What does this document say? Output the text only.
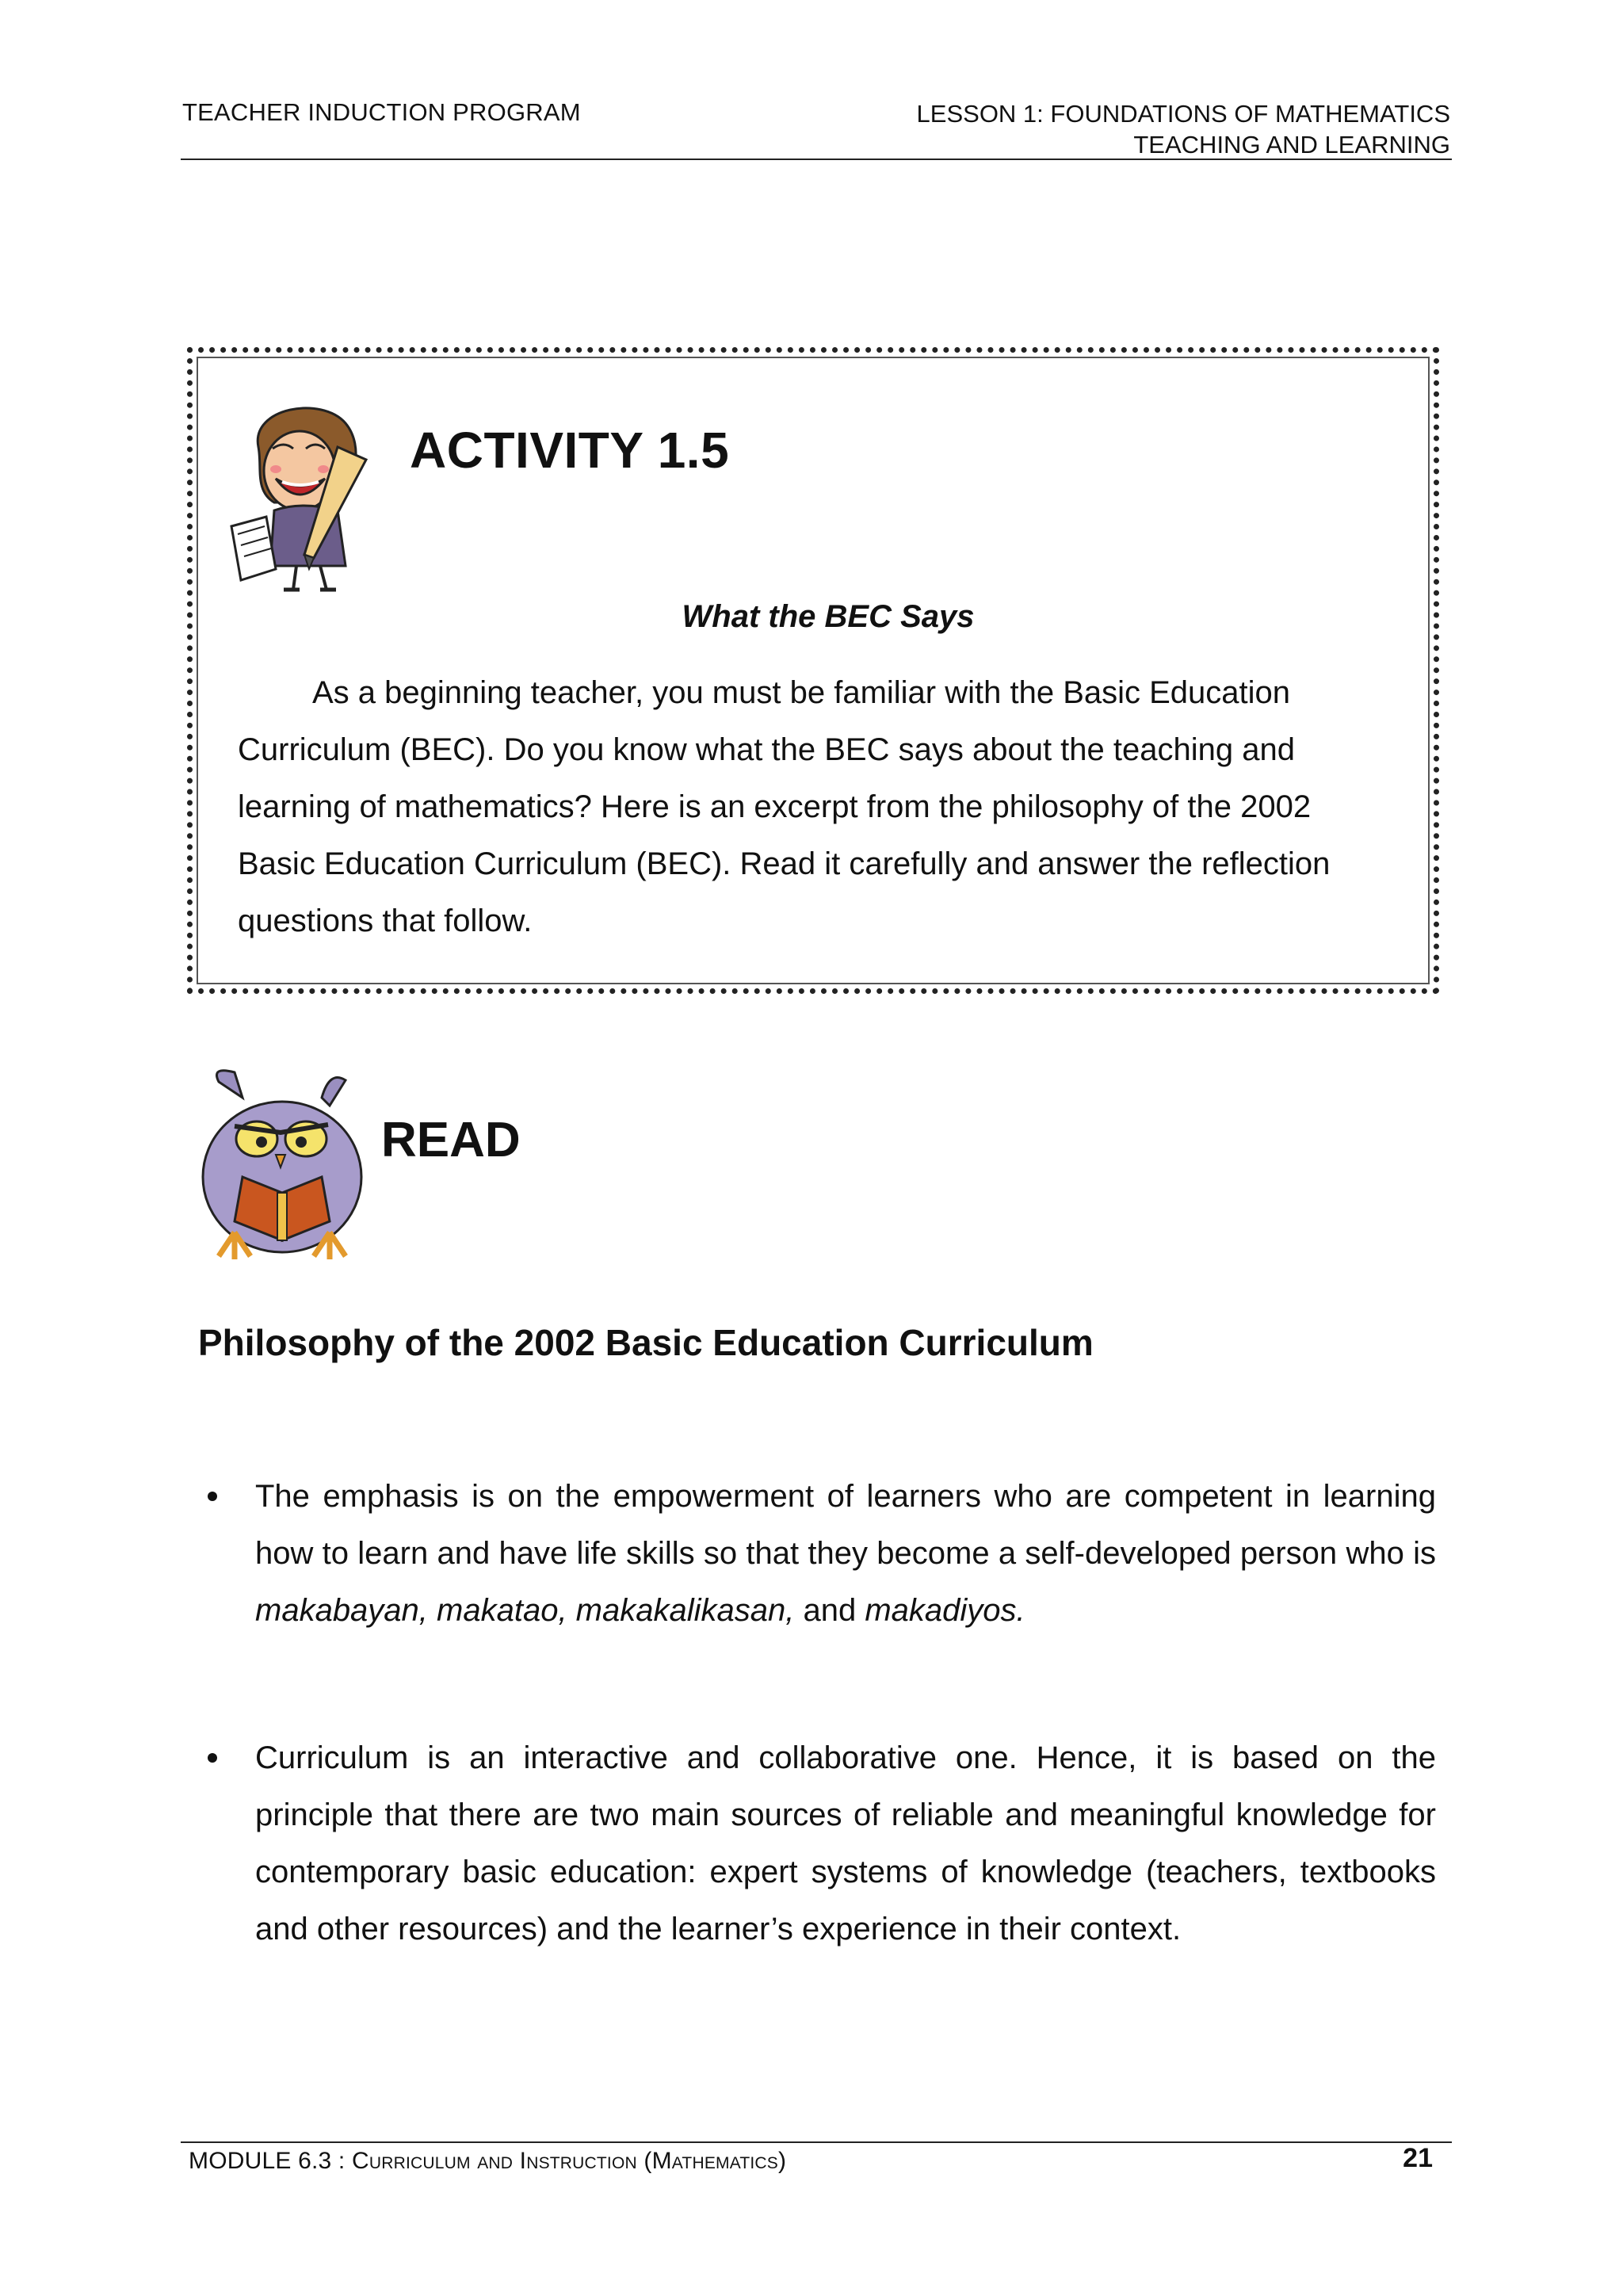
TEACHER INDUCTION PROGRAM	LESSON 1: FOUNDATIONS OF MATHEMATICS
TEACHING AND LEARNING
ACTIVITY 1.5
What the BEC Says

As a beginning teacher, you must be familiar with the Basic Education Curriculum (BEC). Do you know what the BEC says about the teaching and learning of mathematics? Here is an excerpt from the philosophy of the 2002 Basic Education Curriculum (BEC). Read it carefully and answer the reflection questions that follow.

READ
Philosophy of the 2002 Basic Education Curriculum
The emphasis is on the empowerment of learners who are competent in learning how to learn and have life skills so that they become a self-developed person who is makabayan, makatao, makakalikasan, and makadiyos.
Curriculum is an interactive and collaborative one. Hence, it is based on the principle that there are two main sources of reliable and meaningful knowledge for contemporary basic education: expert systems of knowledge (teachers, textbooks and other resources) and the learner’s experience in their context.
MODULE 6.3 : Curriculum and Instruction (Mathematics)	21
